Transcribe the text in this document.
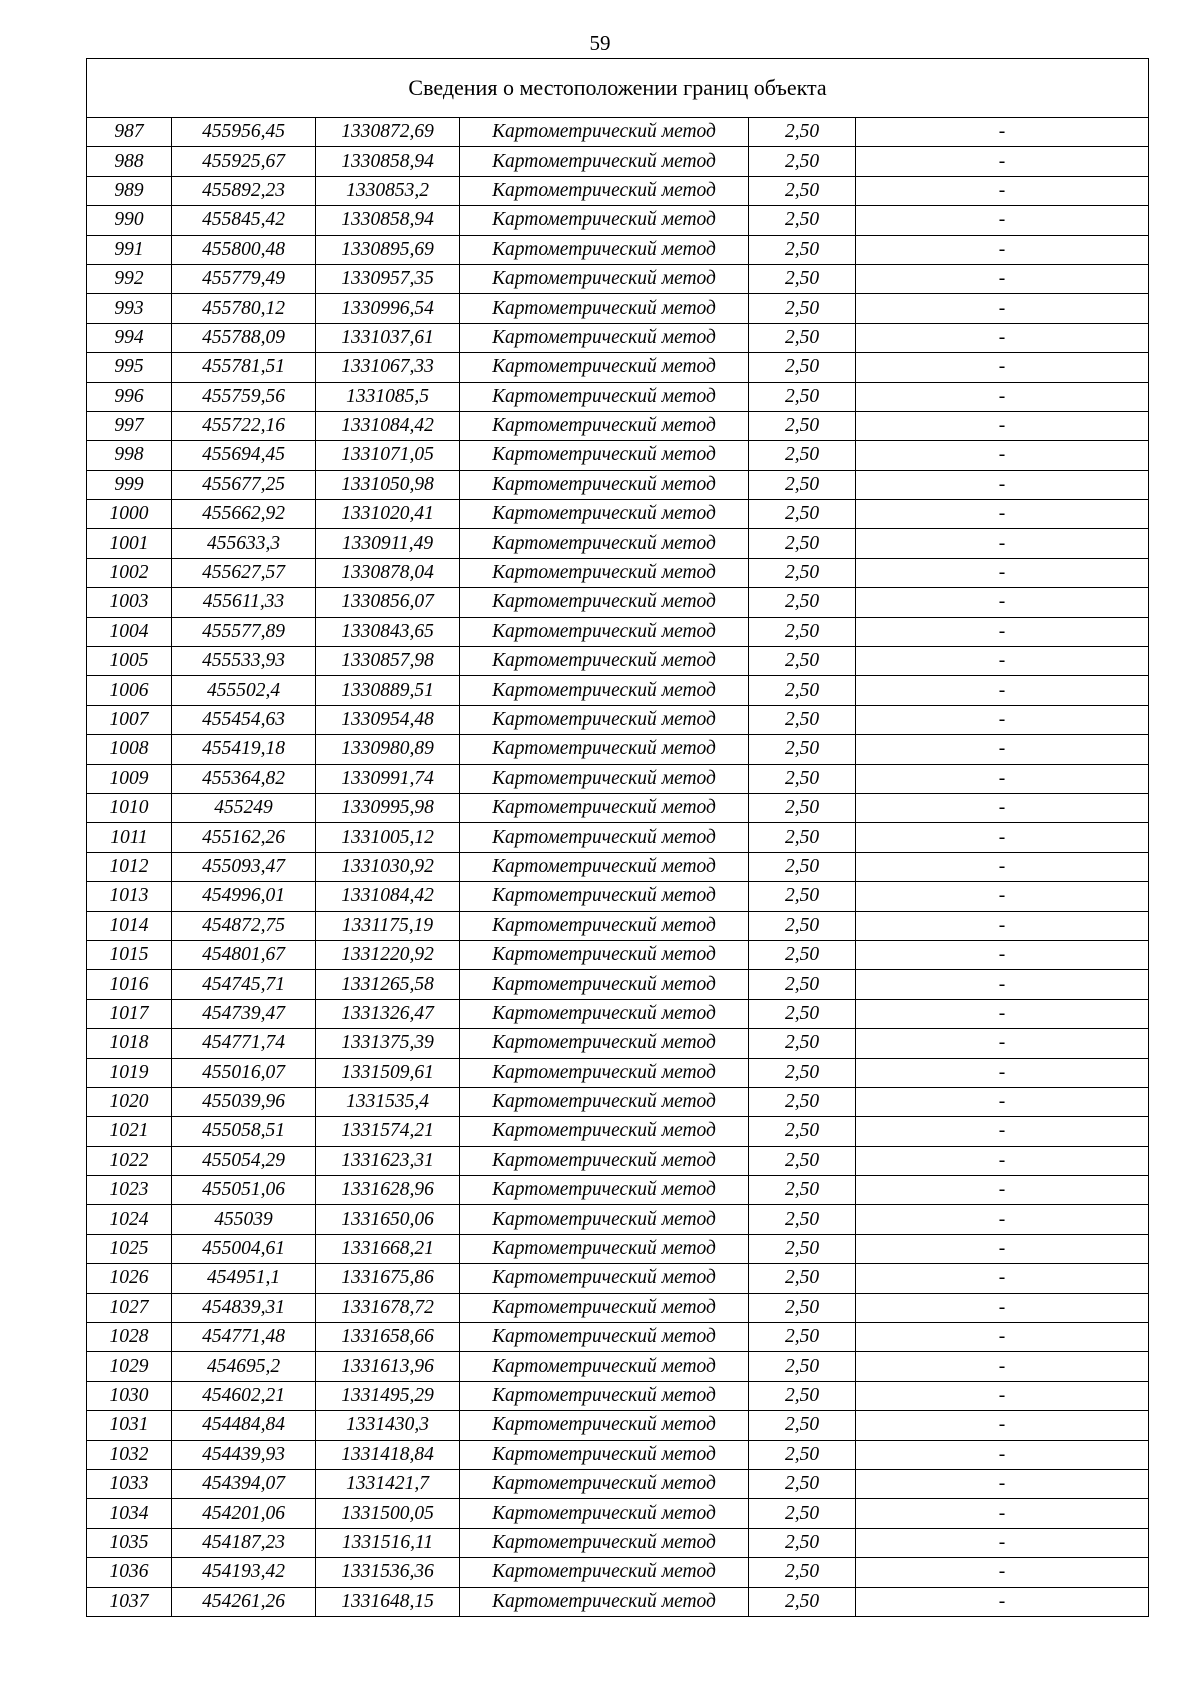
59
Сведения о местоположении границ объекта					
987	455956,45	1330872,69	Картометрический метод	2,50	-
988	455925,67	1330858,94	Картометрический метод	2,50	-
989	455892,23	1330853,2	Картометрический метод	2,50	-
990	455845,42	1330858,94	Картометрический метод	2,50	-
991	455800,48	1330895,69	Картометрический метод	2,50	-
992	455779,49	1330957,35	Картометрический метод	2,50	-
993	455780,12	1330996,54	Картометрический метод	2,50	-
994	455788,09	1331037,61	Картометрический метод	2,50	-
995	455781,51	1331067,33	Картометрический метод	2,50	-
996	455759,56	1331085,5	Картометрический метод	2,50	-
997	455722,16	1331084,42	Картометрический метод	2,50	-
998	455694,45	1331071,05	Картометрический метод	2,50	-
999	455677,25	1331050,98	Картометрический метод	2,50	-
1000	455662,92	1331020,41	Картометрический метод	2,50	-
1001	455633,3	1330911,49	Картометрический метод	2,50	-
1002	455627,57	1330878,04	Картометрический метод	2,50	-
1003	455611,33	1330856,07	Картометрический метод	2,50	-
1004	455577,89	1330843,65	Картометрический метод	2,50	-
1005	455533,93	1330857,98	Картометрический метод	2,50	-
1006	455502,4	1330889,51	Картометрический метод	2,50	-
1007	455454,63	1330954,48	Картометрический метод	2,50	-
1008	455419,18	1330980,89	Картометрический метод	2,50	-
1009	455364,82	1330991,74	Картометрический метод	2,50	-
1010	455249	1330995,98	Картометрический метод	2,50	-
1011	455162,26	1331005,12	Картометрический метод	2,50	-
1012	455093,47	1331030,92	Картометрический метод	2,50	-
1013	454996,01	1331084,42	Картометрический метод	2,50	-
1014	454872,75	1331175,19	Картометрический метод	2,50	-
1015	454801,67	1331220,92	Картометрический метод	2,50	-
1016	454745,71	1331265,58	Картометрический метод	2,50	-
1017	454739,47	1331326,47	Картометрический метод	2,50	-
1018	454771,74	1331375,39	Картометрический метод	2,50	-
1019	455016,07	1331509,61	Картометрический метод	2,50	-
1020	455039,96	1331535,4	Картометрический метод	2,50	-
1021	455058,51	1331574,21	Картометрический метод	2,50	-
1022	455054,29	1331623,31	Картометрический метод	2,50	-
1023	455051,06	1331628,96	Картометрический метод	2,50	-
1024	455039	1331650,06	Картометрический метод	2,50	-
1025	455004,61	1331668,21	Картометрический метод	2,50	-
1026	454951,1	1331675,86	Картометрический метод	2,50	-
1027	454839,31	1331678,72	Картометрический метод	2,50	-
1028	454771,48	1331658,66	Картометрический метод	2,50	-
1029	454695,2	1331613,96	Картометрический метод	2,50	-
1030	454602,21	1331495,29	Картометрический метод	2,50	-
1031	454484,84	1331430,3	Картометрический метод	2,50	-
1032	454439,93	1331418,84	Картометрический метод	2,50	-
1033	454394,07	1331421,7	Картометрический метод	2,50	-
1034	454201,06	1331500,05	Картометрический метод	2,50	-
1035	454187,23	1331516,11	Картометрический метод	2,50	-
1036	454193,42	1331536,36	Картометрический метод	2,50	-
1037	454261,26	1331648,15	Картометрический метод	2,50	-
